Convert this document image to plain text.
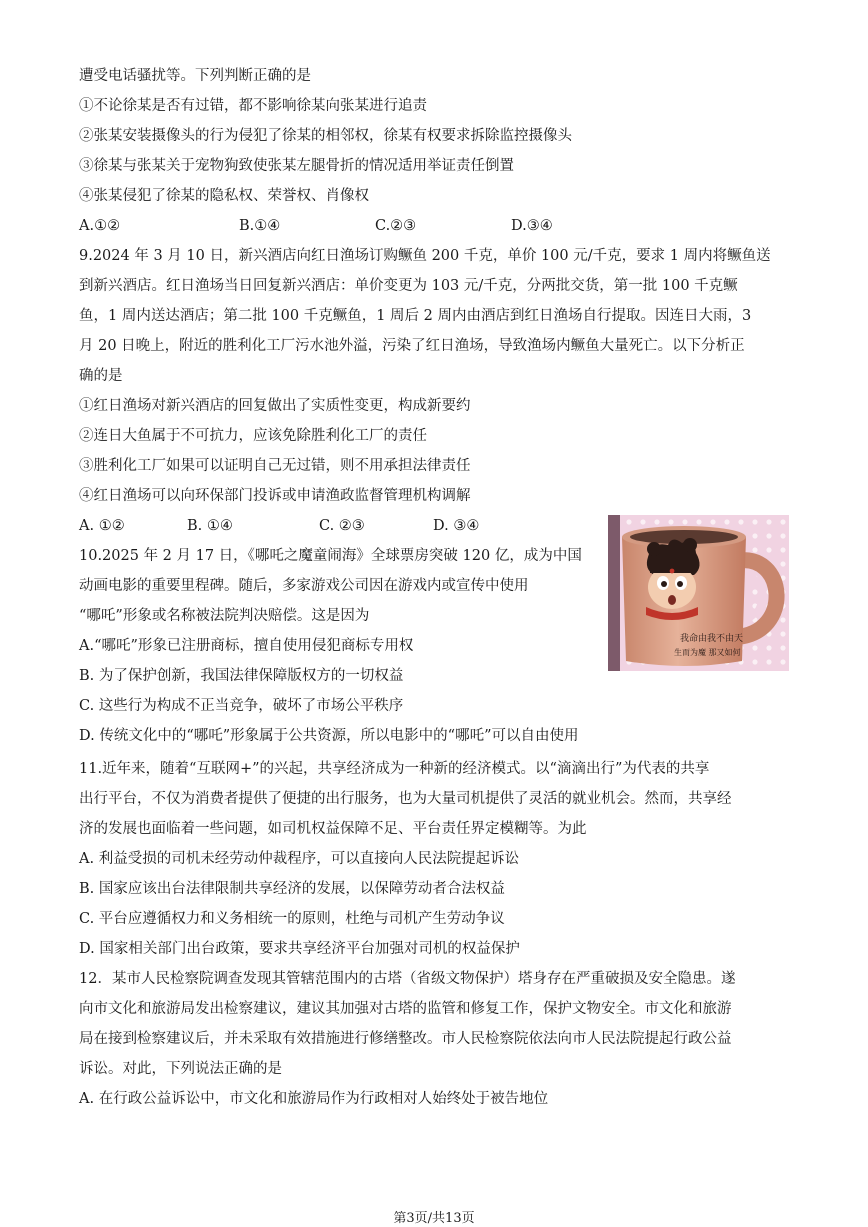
遭受电话骚扰等。下列判断正确的是
①不论徐某是否有过错，都不影响徐某向张某进行追责
②张某安装摄像头的行为侵犯了徐某的相邻权，徐某有权要求拆除监控摄像头
③徐某与张某关于宠物狗致使张某左腿骨折的情况适用举证责任倒置
④张某侵犯了徐某的隐私权、荣誉权、肖像权
A.①②	B.①④	C.②③	D.③④
9.2024 年 3 月 10 日，新兴酒店向红日渔场订购鳜鱼 200 千克，单价 100 元/千克，要求 1 周内将鳜鱼送
到新兴酒店。红日渔场当日回复新兴酒店：单价变更为 103 元/千克，分两批交货，第一批 100 千克鳜
鱼，1 周内送达酒店；第二批 100 千克鳜鱼，1 周后 2 周内由酒店到红日渔场自行提取。因连日大雨，3
月 20 日晚上，附近的胜利化工厂污水池外溢，污染了红日渔场，导致渔场内鳜鱼大量死亡。以下分析正
确的是
①红日渔场对新兴酒店的回复做出了实质性变更，构成新要约
②连日大鱼属于不可抗力，应该免除胜利化工厂的责任
③胜利化工厂如果可以证明自己无过错，则不用承担法律责任
④红日渔场可以向环保部门投诉或申请渔政监督管理机构调解
A. ①②	B. ①④	C. ②③	D. ③④
10.2025 年 2 月 17 日，《哪吒之魔童闹海》全球票房突破 120 亿，成为中国
动画电影的重要里程碑。随后，多家游戏公司因在游戏内或宣传中使用
“哪吒”形象或名称被法院判决赔偿。这是因为
A.“哪吒”形象已注册商标，擅自使用侵犯商标专用权
B. 为了保护创新，我国法律保障版权方的一切权益
C. 这些行为构成不正当竞争，破坏了市场公平秩序
D. 传统文化中的“哪吒”形象属于公共资源，所以电影中的“哪吒”可以自由使用
我命由我不由天
生而为魔 那又如何
11.近年来，随着“互联网+”的兴起，共享经济成为一种新的经济模式。以“滴滴出行”为代表的共享
出行平台，不仅为消费者提供了便捷的出行服务，也为大量司机提供了灵活的就业机会。然而，共享经
济的发展也面临着一些问题，如司机权益保障不足、平台责任界定模糊等。为此
A. 利益受损的司机未经劳动仲裁程序，可以直接向人民法院提起诉讼
B. 国家应该出台法律限制共享经济的发展，以保障劳动者合法权益
C. 平台应遵循权力和义务相统一的原则，杜绝与司机产生劳动争议
D. 国家相关部门出台政策，要求共享经济平台加强对司机的权益保护
12．某市人民检察院调查发现其管辖范围内的古塔（省级文物保护）塔身存在严重破损及安全隐患。遂
向市文化和旅游局发出检察建议，建议其加强对古塔的监管和修复工作，保护文物安全。市文化和旅游
局在接到检察建议后，并未采取有效措施进行修缮整改。市人民检察院依法向市人民法院提起行政公益
诉讼。对此，下列说法正确的是
A. 在行政公益诉讼中，市文化和旅游局作为行政相对人始终处于被告地位
第3页/共13页
